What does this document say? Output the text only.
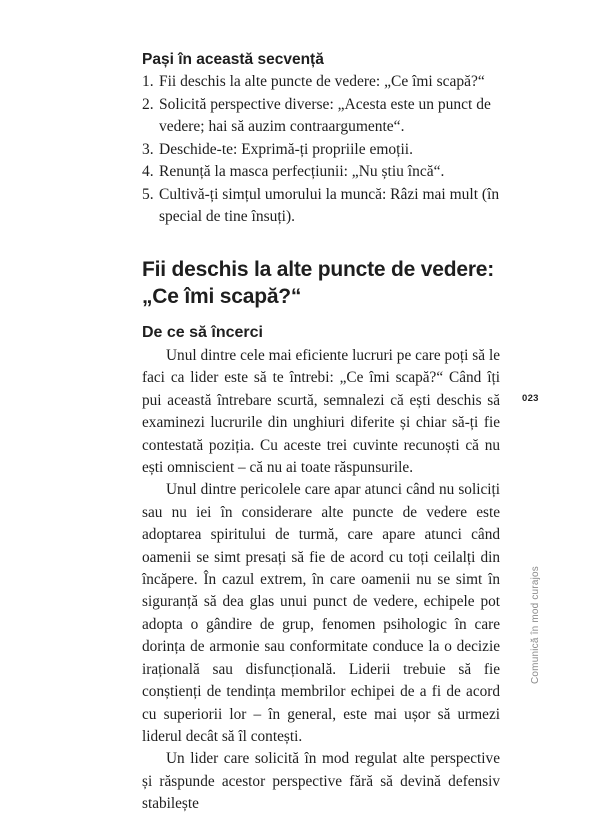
Pași în această secvență
1. Fii deschis la alte puncte de vedere: „Ce îmi scapă?“
2. Solicită perspective diverse: „Acesta este un punct de vedere; hai să auzim contraargumente“.
3. Deschide-te: Exprimă-ți propriile emoții.
4. Renunță la masca perfecțiunii: „Nu știu încă“.
5. Cultivă-ți simțul umorului la muncă: Râzi mai mult (în special de tine însuți).
Fii deschis la alte puncte de vedere:
„Ce îmi scapă?“
De ce să încerci

Unul dintre cele mai eficiente lucruri pe care poți să le faci ca lider este să te întrebi: „Ce îmi scapă?“ Când îți pui această întrebare scurtă, semnalezi că ești deschis să examinezi lucrurile din unghiuri diferite și chiar să-ți fie contestată poziția. Cu aceste trei cuvinte recunoști că nu ești omniscient – că nu ai toate răspunsurile.

Unul dintre pericolele care apar atunci când nu soliciți sau nu iei în considerare alte puncte de vedere este adoptarea spiritului de turmă, care apare atunci când oamenii se simt presați să fie de acord cu toți ceilalți din încăpere. În cazul extrem, în care oamenii nu se simt în siguranță să dea glas unui punct de vedere, echipele pot adopta o gândire de grup, fenomen psihologic în care dorința de armonie sau conformitate conduce la o decizie irațională sau disfuncțională. Liderii trebuie să fie conștienți de tendința membrilor echipei de a fi de acord cu superiorii lor – în general, este mai ușor să urmezi liderul decât să îl contești.

Un lider care solicită în mod regulat alte perspective și răspunde acestor perspective fără să devină defensiv stabilește

023
Comunică în mod curajos
